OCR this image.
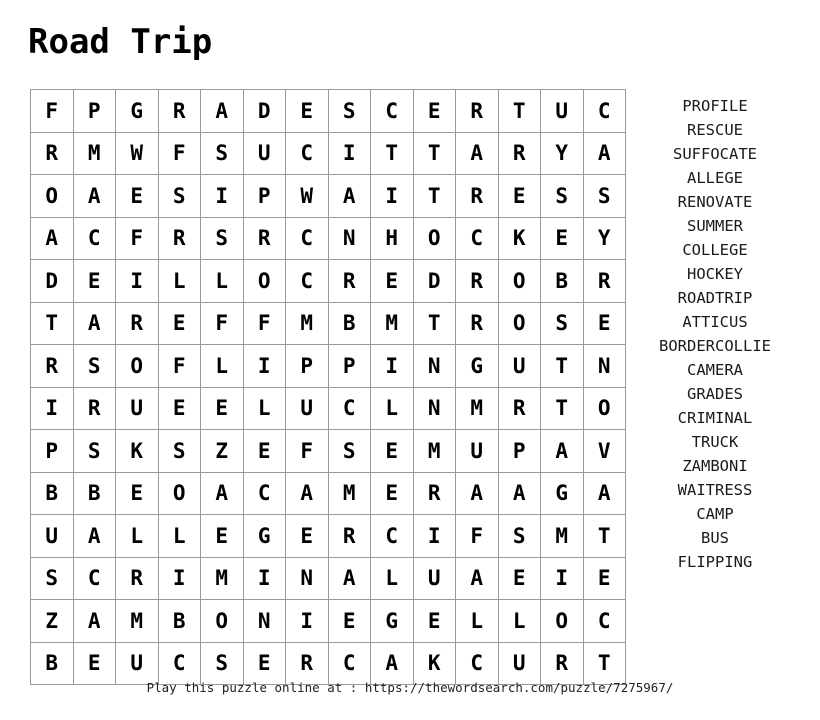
Road Trip
F	P	G	R	A	D	E	S	C	E	R	T	U	C
R	M	W	F	S	U	C	I	T	T	A	R	Y	A
O	A	E	S	I	P	W	A	I	T	R	E	S	S
A	C	F	R	S	R	C	N	H	O	C	K	E	Y
D	E	I	L	L	O	C	R	E	D	R	O	B	R
T	A	R	E	F	F	M	B	M	T	R	O	S	E
R	S	O	F	L	I	P	P	I	N	G	U	T	N
I	R	U	E	E	L	U	C	L	N	M	R	T	O
P	S	K	S	Z	E	F	S	E	M	U	P	A	V
B	B	E	O	A	C	A	M	E	R	A	A	G	A
U	A	L	L	E	G	E	R	C	I	F	S	M	T
S	C	R	I	M	I	N	A	L	U	A	E	I	E
Z	A	M	B	O	N	I	E	G	E	L	L	O	C
B	E	U	C	S	E	R	C	A	K	C	U	R	T
PROFILE
RESCUE
SUFFOCATE
ALLEGE
RENOVATE
SUMMER
COLLEGE
HOCKEY
ROADTRIP
ATTICUS
BORDERCOLLIE
CAMERA
GRADES
CRIMINAL
TRUCK
ZAMBONI
WAITRESS
CAMP
BUS
FLIPPING
Play this puzzle online at : https://thewordsearch.com/puzzle/7275967/
